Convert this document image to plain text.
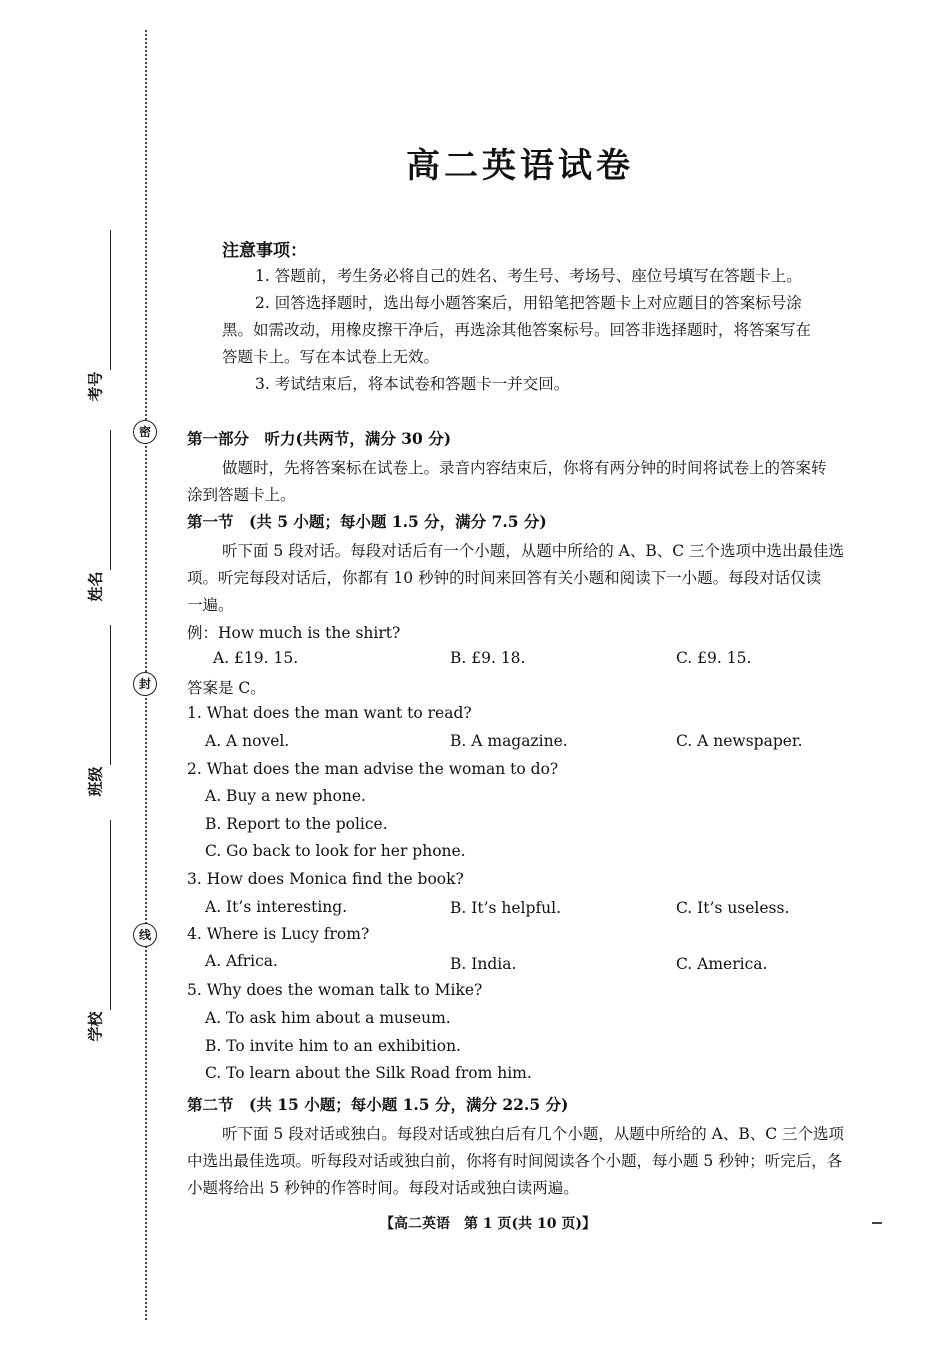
密
封
线
考号
姓名
班级
学校
高二英语试卷
注意事项：
1. 答题前，考生务必将自己的姓名、考生号、考场号、座位号填写在答题卡上。
2. 回答选择题时，选出每小题答案后，用铅笔把答题卡上对应题目的答案标号涂
黑。如需改动，用橡皮擦干净后，再选涂其他答案标号。回答非选择题时，将答案写在
答题卡上。写在本试卷上无效。
3. 考试结束后，将本试卷和答题卡一并交回。
第一部分　听力(共两节，满分 30 分)
做题时，先将答案标在试卷上。录音内容结束后，你将有两分钟的时间将试卷上的答案转
涂到答题卡上。
第一节　(共 5 小题；每小题 1.5 分，满分 7.5 分)
听下面 5 段对话。每段对话后有一个小题，从题中所给的 A、B、C 三个选项中选出最佳选
项。听完每段对话后，你都有 10 秒钟的时间来回答有关小题和阅读下一小题。每段对话仅读
一遍。
例：How much is the shirt?
A. £19. 15.	B. £9. 18.	C. £9. 15.
答案是 C。
1. What does the man want to read?
A. A novel.	B. A magazine.	C. A newspaper.
2. What does the man advise the woman to do?
A. Buy a new phone.
B. Report to the police.
C. Go back to look for her phone.
3. How does Monica find the book?
A. It’s interesting.	B. It’s helpful.	C. It’s useless.
4. Where is Lucy from?
A. Africa.	B. India.	C. America.
5. Why does the woman talk to Mike?
A. To ask him about a museum.
B. To invite him to an exhibition.
C. To learn about the Silk Road from him.
第二节　(共 15 小题；每小题 1.5 分，满分 22.5 分)
听下面 5 段对话或独白。每段对话或独白后有几个小题，从题中所给的 A、B、C 三个选项
中选出最佳选项。听每段对话或独白前，你将有时间阅读各个小题，每小题 5 秒钟；听完后，各
小题将给出 5 秒钟的作答时间。每段对话或独白读两遍。
【高二英语　第 1 页(共 10 页)】
